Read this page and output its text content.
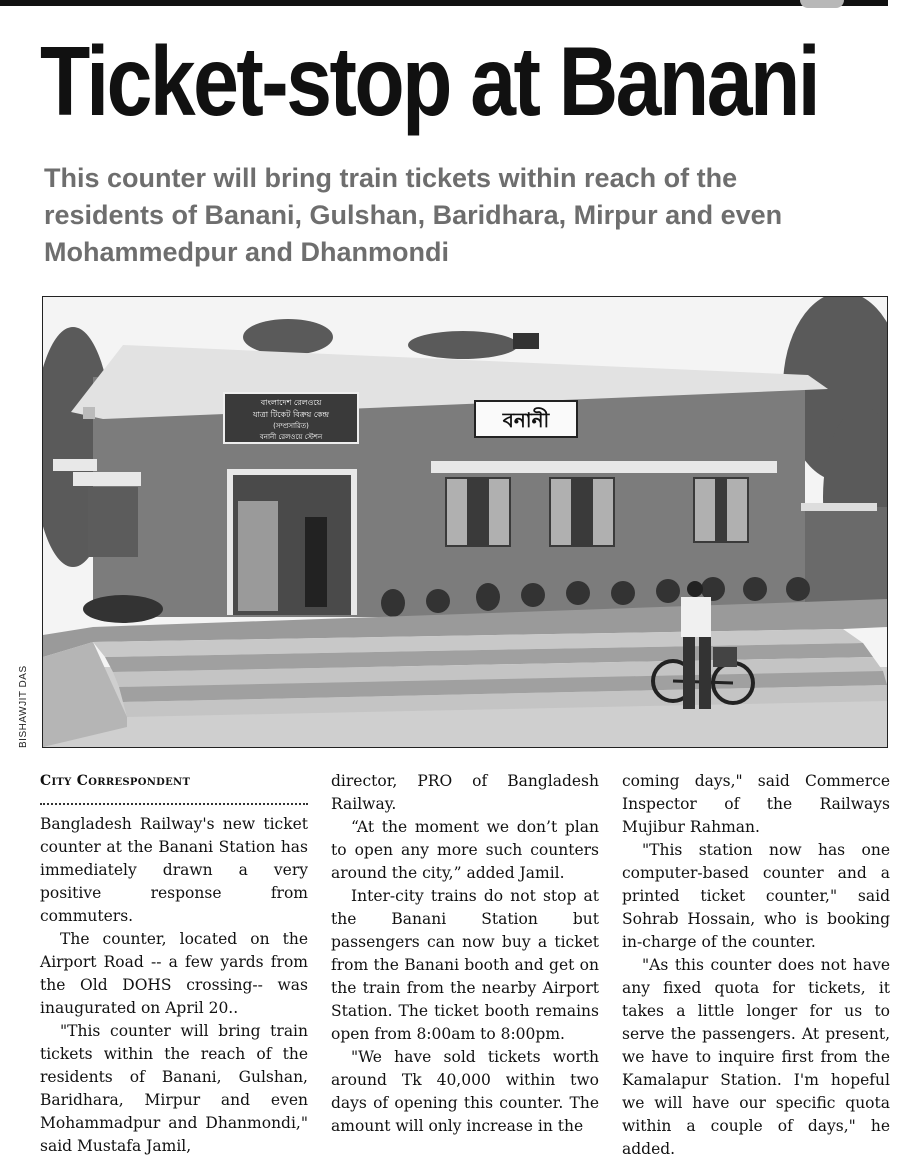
Ticket-stop at Banani
This counter will bring train tickets within reach of the residents of Banani, Gulshan, Baridhara, Mirpur and even Mohammedpur and Dhanmondi
বাংলাদেশ রেলওয়ে
যাত্রা টিকেট বিক্রয় কেন্দ্র
(সম্প্রসারিত)
বনানী রেলওয়ে স্টেশন
বনানী
BISHAWJIT DAS
City Correspondent

Bangladesh Railway's new ticket counter at the Banani Station has immediately drawn a very positive response from commuters.

The counter, located on the Airport Road -- a few yards from the Old DOHS crossing-- was inaugurated on April 20..

"This counter will bring train tickets within the reach of the residents of Banani, Gulshan, Baridhara, Mirpur and even Mohammadpur and Dhanmondi," said Mustafa Jamil,

director, PRO of Bangladesh Railway.

“At the moment we don’t plan to open any more such counters around the city,” added Jamil.

Inter-city trains do not stop at the Banani Station but passengers can now buy a ticket from the Banani booth and get on the train from the nearby Airport Station. The ticket booth remains open from 8:00am to 8:00pm.

"We have sold tickets worth around Tk 40,000 within two days of opening this counter. The amount will only increase in the

coming days," said Commerce Inspector of the Railways Mujibur Rahman.

"This station now has one computer-based counter and a printed ticket counter," said Sohrab Hossain, who is booking in-charge of the counter.

"As this counter does not have any fixed quota for tickets, it takes a little longer for us to serve the passengers. At present, we have to inquire first from the Kamalapur Station. I'm hopeful we will have our specific quota within a couple of days," he added.
